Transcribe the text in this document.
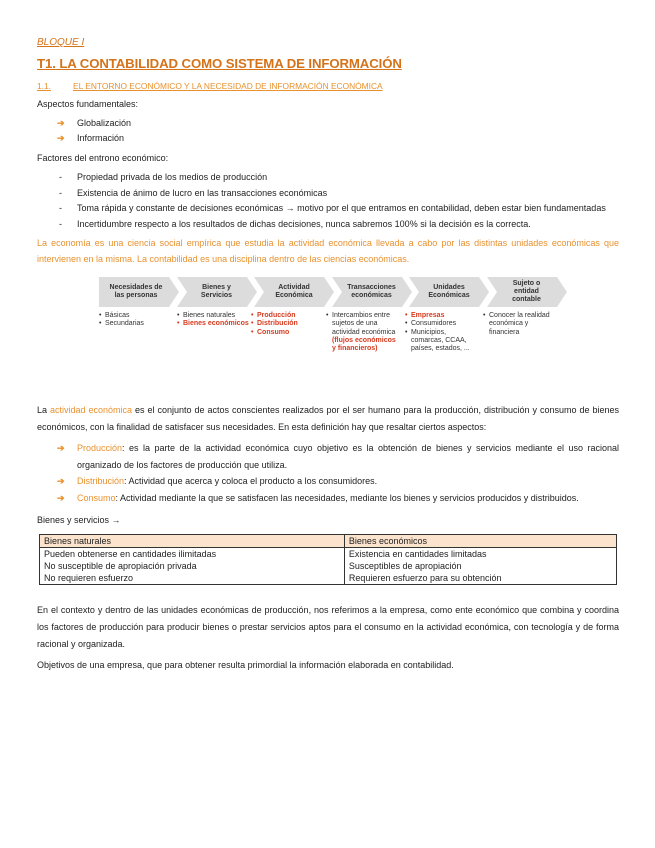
BLOQUE I

T1. LA CONTABILIDAD COMO SISTEMA DE INFORMACIÓN

1.1.	EL ENTORNO ECONÓMICO Y LA NECESIDAD DE INFORMACIÓN ECONÓMICA

Aspectos fundamentales:

➔ Globalización
➔ Información

Factores del entrono económico:

- Propiedad privada de los medios de producción
- Existencia de ánimo de lucro en las transacciones económicas
- Toma rápida y constante de decisiones económicas → motivo por el que entramos en contabilidad, deben estar bien fundamentadas
- Incertidumbre respecto a los resultados de dichas decisiones, nunca sabremos 100% si la decisión es la correcta.

La economía es una ciencia social empírica que estudia la actividad económica llevada a cabo por las distintas unidades económicas que intervienen en la misma. La contabilidad es una disciplina dentro de las ciencias económicas.

Necesidades de las personas
• Básicas
• Secundarias
Bienes y Servicios
• Bienes naturales
• Bienes económicos
Actividad Económica
• Producción
• Distribución
• Consumo
Transacciones económicas
• Intercambios entre sujetos de una actividad económica
(flujos económicos y financieros)
Unidades Económicas
• Empresas
• Consumidores
• Municipios, comarcas, CCAA, países, estados, ...
Sujeto o entidad contable
• Conocer la realidad económica y financiera

La actividad económica es el conjunto de actos conscientes realizados por el ser humano para la producción, distribución y consumo de bienes económicos, con la finalidad de satisfacer sus necesidades. En esta definición hay que resaltar ciertos aspectos:

➔ Producción: es la parte de la actividad económica cuyo objetivo es la obtención de bienes y servicios mediante el uso racional organizado de los factores de producción que utiliza.
➔ Distribución: Actividad que acerca y coloca el producto a los consumidores.
➔ Consumo: Actividad mediante la que se satisfacen las necesidades, mediante los bienes y servicios producidos y distribuidos.

Bienes y servicios →

Bienes naturales	Bienes económicos
Pueden obtenerse en cantidades ilimitadas	Existencia en cantidades limitadas
No susceptible de apropiación privada	Susceptibles de apropiación
No requieren esfuerzo	Requieren esfuerzo para su obtención

En el contexto y dentro de las unidades económicas de producción, nos referimos a la empresa, como ente económico que combina y coordina los factores de producción para producir bienes o prestar servicios aptos para el consumo en la actividad económica, con tecnología y de forma racional y organizada.

Objetivos de una empresa, que para obtener resulta primordial la información elaborada en contabilidad.
